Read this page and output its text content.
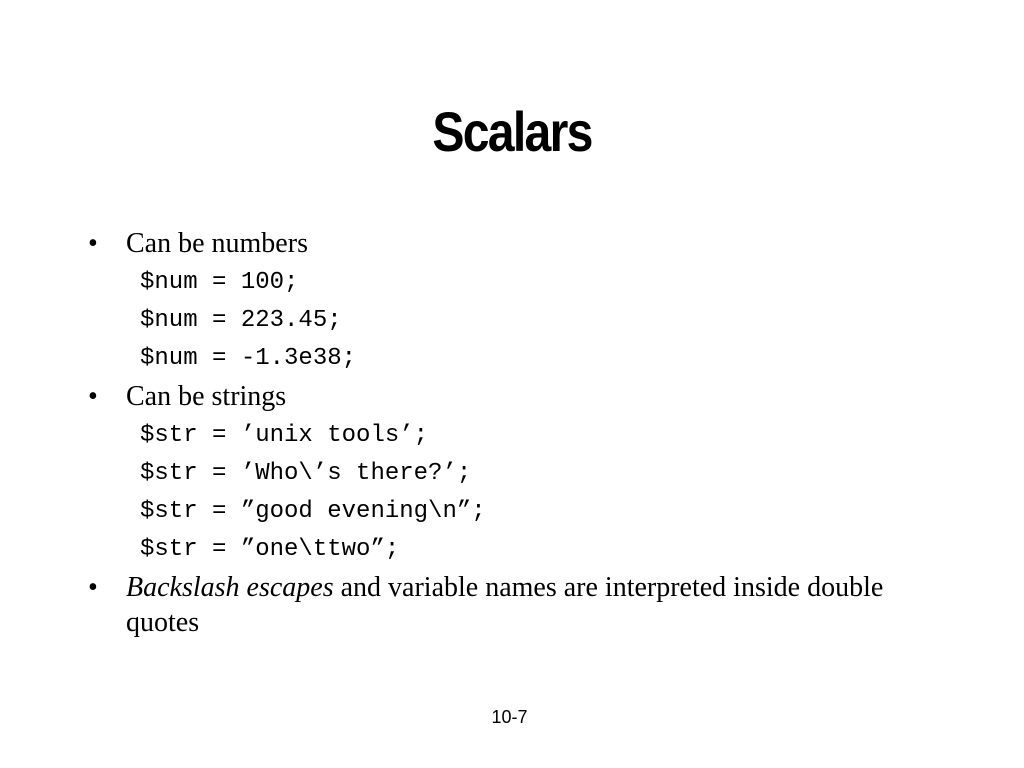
Scalars
• Can be numbers
$num = 100;
$num = 223.45;
$num = -1.3e38;
• Can be strings
$str = ’unix tools’;
$str = ’Who\’s there?’;
$str = ”good evening\n”;
$str = ”one\ttwo”;
• Backslash escapes and variable names are interpreted inside double quotes
10-7
